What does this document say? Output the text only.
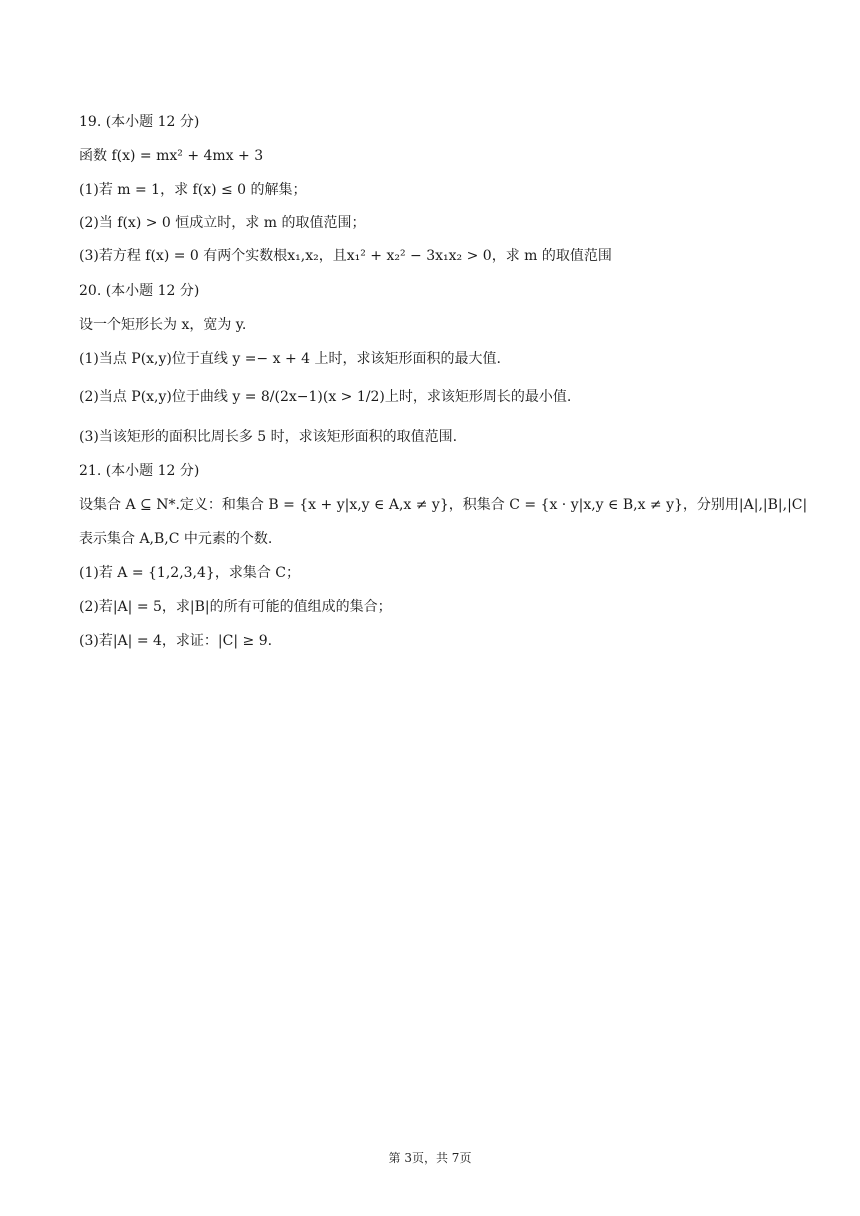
19. (本小题 12 分)
函数 f(x) = mx² + 4mx + 3
(1)若 m = 1，求 f(x) ≤ 0 的解集；
(2)当 f(x) > 0 恒成立时，求 m 的取值范围；
(3)若方程 f(x) = 0 有两个实数根x₁,x₂，且x₁² + x₂² − 3x₁x₂ > 0，求 m 的取值范围
20. (本小题 12 分)
设一个矩形长为 x，宽为 y.
(1)当点 P(x,y)位于直线 y =− x + 4 上时，求该矩形面积的最大值.
(2)当点 P(x,y)位于曲线 y = 8/(2x−1)(x > 1/2)上时，求该矩形周长的最小值.
(3)当该矩形的面积比周长多 5 时，求该矩形面积的取值范围.
21. (本小题 12 分)
设集合 A ⊆ N*.定义：和集合 B = {x + y|x,y ∈ A,x ≠ y}，积集合 C = {x · y|x,y ∈ B,x ≠ y}，分别用|A|,|B|,|C|
表示集合 A,B,C 中元素的个数.
(1)若 A = {1,2,3,4}，求集合 C；
(2)若|A| = 5，求|B|的所有可能的值组成的集合；
(3)若|A| = 4，求证：|C| ≥ 9.
第 3页，共 7页
